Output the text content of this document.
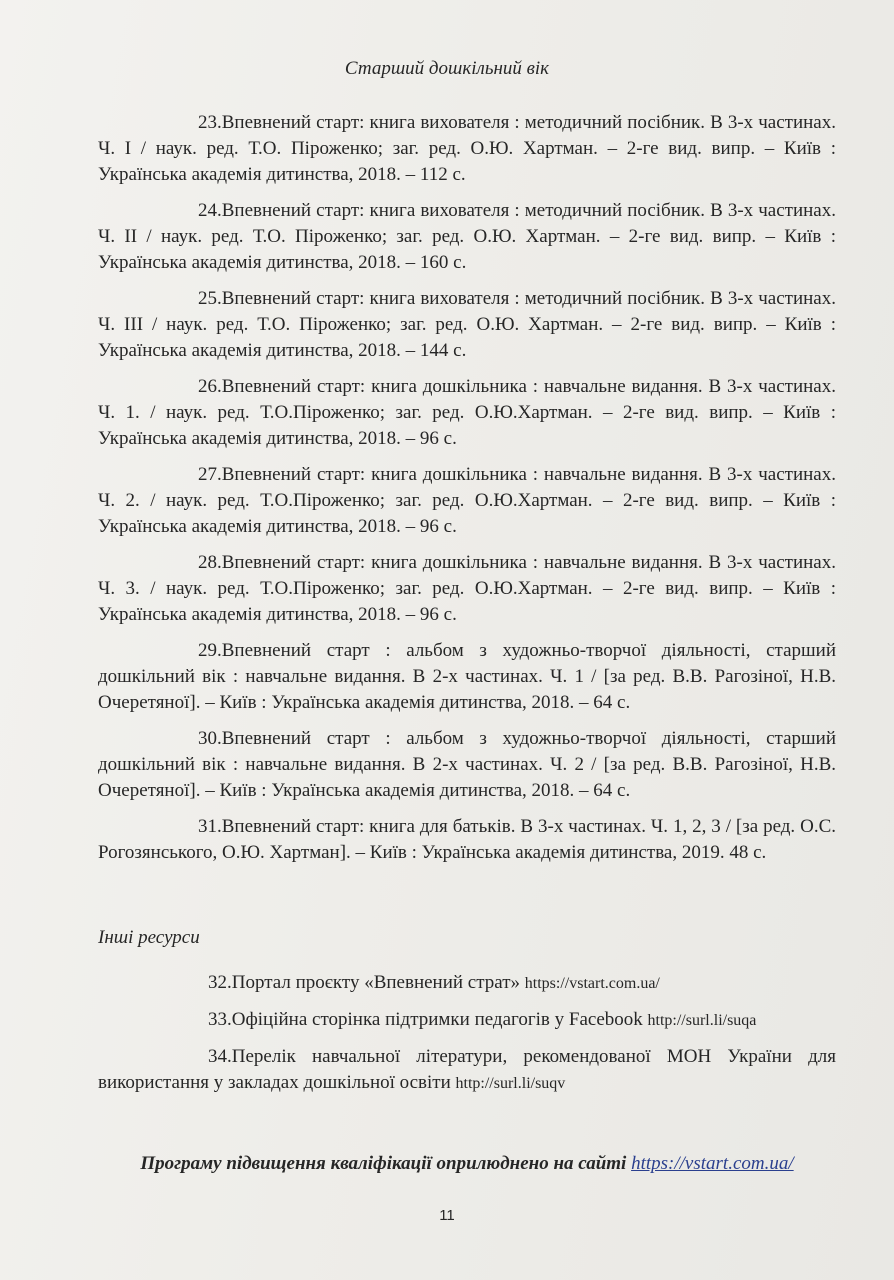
Старший дошкільний вік

23.Впевнений старт: книга вихователя : методичний посібник. В 3-х частинах. Ч. І / наук. ред. Т.О. Піроженко; заг. ред. О.Ю. Хартман. – 2-ге вид. випр. – Київ : Українська академія дитинства, 2018. – 112 с.

24.Впевнений старт: книга вихователя : методичний посібник. В 3-х частинах. Ч. ІІ / наук. ред. Т.О. Піроженко; заг. ред. О.Ю. Хартман. – 2-ге вид. випр. – Київ : Українська академія дитинства, 2018. – 160 с.

25.Впевнений старт: книга вихователя : методичний посібник. В 3-х частинах. Ч. ІІІ / наук. ред. Т.О. Піроженко; заг. ред. О.Ю. Хартман. – 2-ге вид. випр. – Київ : Українська академія дитинства, 2018. – 144 с.

26.Впевнений старт: книга дошкільника : навчальне видання. В 3-х частинах. Ч. 1. / наук. ред. Т.О.Піроженко; заг. ред. О.Ю.Хартман. – 2-ге вид. випр. – Київ : Українська академія дитинства, 2018. – 96 с.

27.Впевнений старт: книга дошкільника : навчальне видання. В 3-х частинах. Ч. 2. / наук. ред. Т.О.Піроженко; заг. ред. О.Ю.Хартман. – 2-ге вид. випр. – Київ : Українська академія дитинства, 2018. – 96 с.

28.Впевнений старт: книга дошкільника : навчальне видання. В 3-х частинах. Ч. 3. / наук. ред. Т.О.Піроженко; заг. ред. О.Ю.Хартман. – 2-ге вид. випр. – Київ : Українська академія дитинства, 2018. – 96 с.

29.Впевнений старт : альбом з художньо-творчої діяльності, старший дошкільний вік : навчальне видання. В 2-х частинах. Ч. 1 / [за ред. В.В. Рагозіної, Н.В. Очеретяної]. – Київ : Українська академія дитинства, 2018. – 64 с.

30.Впевнений старт : альбом з художньо-творчої діяльності, старший дошкільний вік : навчальне видання. В 2-х частинах. Ч. 2 / [за ред. В.В. Рагозіної, Н.В. Очеретяної]. – Київ : Українська академія дитинства, 2018. – 64 с.

31.Впевнений старт: книга для батьків. В 3-х частинах. Ч. 1, 2, 3 / [за ред. О.С. Рогозянського, О.Ю. Хартман]. – Київ : Українська академія дитинства, 2019. 48 с.

Інші ресурси

32.Портал проєкту «Впевнений страт» https://vstart.com.ua/

33.Офіційна сторінка підтримки педагогів у Facebook http://surl.li/suqa

34.Перелік навчальної літератури, рекомендованої МОН України для використання у закладах дошкільної освіти http://surl.li/suqv

Програму підвищення кваліфікації оприлюднено на сайті https://vstart.com.ua/
11
